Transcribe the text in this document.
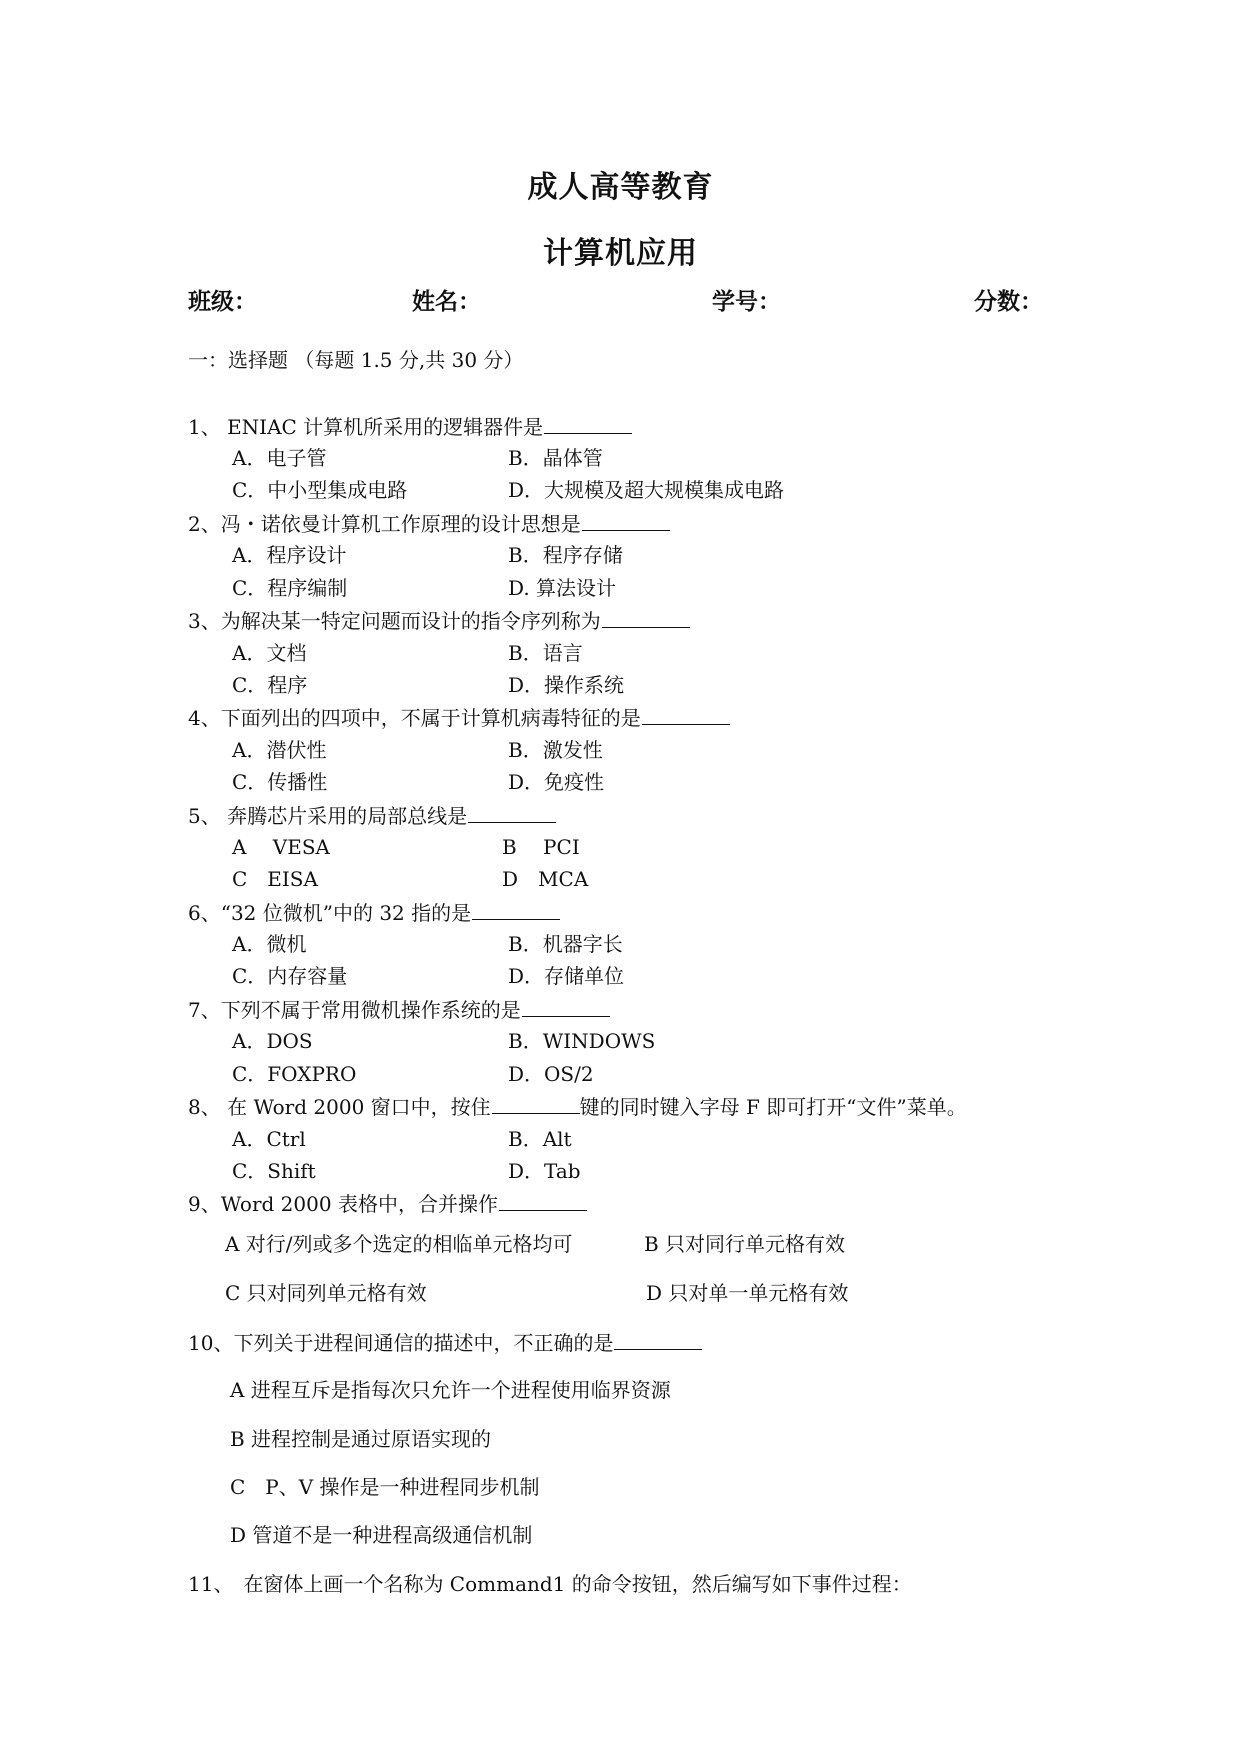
成人高等教育
计算机应用
班级：	姓名：	学号：	分数：
一：选择题 （每题 1.5 分,共 30 分）
1、 ENIAC 计算机所采用的逻辑器件是
A．电子管	B．晶体管
C．中小型集成电路	D．大规模及超大规模集成电路
2、冯・诺依曼计算机工作原理的设计思想是
A．程序设计	B．程序存储
C．程序编制	D. 算法设计
3、为解决某一特定问题而设计的指令序列称为
A．文档	B．语言
C．程序	D．操作系统
4、下面列出的四项中，不属于计算机病毒特征的是
A．潜伏性	B．激发性
C．传播性	D．免疫性
5、 奔腾芯片采用的局部总线是
A　 VESA	B　 PCI
C　EISA	D　MCA
6、“32 位微机”中的 32 指的是
A．微机	B．机器字长
C．内存容量	D．存储单位
7、下列不属于常用微机操作系统的是
A．DOS	B．WINDOWS
C．FOXPRO	D．OS/2
8、 在 Word 2000 窗口中，按住	键的同时键入字母 F 即可打开“文件”菜单。
A．Ctrl	B．Alt
C．Shift	D．Tab
9、Word 2000 表格中，合并操作
A 对行/列或多个选定的相临单元格均可	B 只对同行单元格有效
C 只对同列单元格有效	D 只对单一单元格有效
10、下列关于进程间通信的描述中，不正确的是
A 进程互斥是指每次只允许一个进程使用临界资源
B 进程控制是通过原语实现的
C　P、V 操作是一种进程同步机制
D 管道不是一种进程高级通信机制
11、　在窗体上画一个名称为 Command1 的命令按钮，然后编写如下事件过程：
